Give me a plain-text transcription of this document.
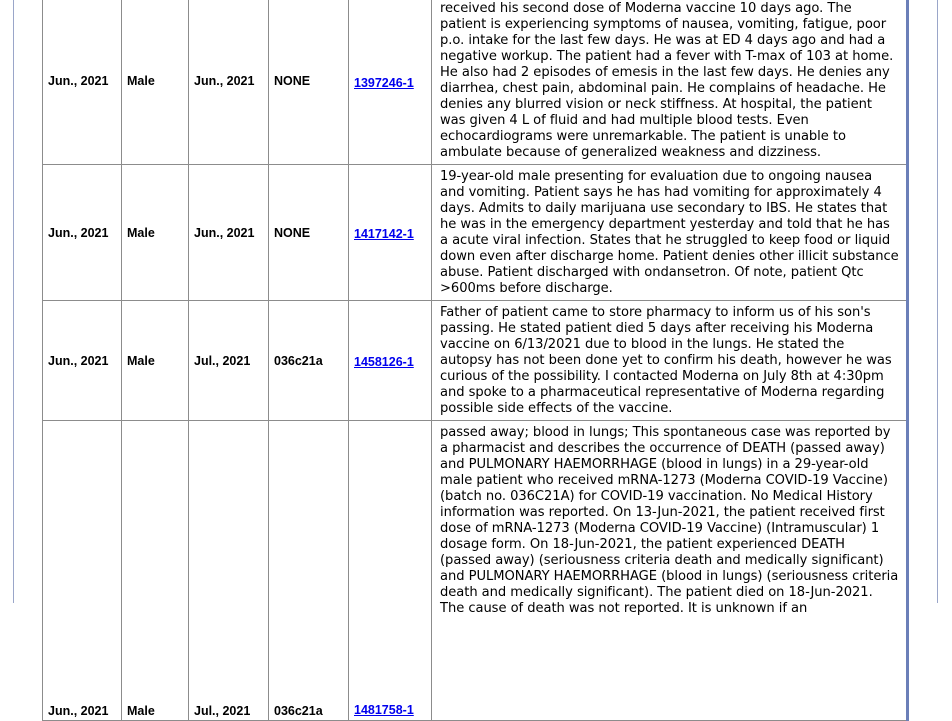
Jun., 2021	Male	Jun., 2021	NONE	1397246-1	received his second dose of Moderna vaccine 10 days ago. The patient is experiencing symptoms of nausea, vomiting, fatigue, poor p.o. intake for the last few days. He was at ED 4 days ago and had a negative workup. The patient had a fever with T-max of 103 at home. He also had 2 episodes of emesis in the last few days. He denies any diarrhea, chest pain, abdominal pain. He complains of headache. He denies any blurred vision or neck stiffness. At hospital, the patient was given 4 L of fluid and had multiple blood tests. Even echocardiograms were unremarkable. The patient is unable to ambulate because of generalized weakness and dizziness.
Jun., 2021	Male	Jun., 2021	NONE	1417142-1	19-year-old male presenting for evaluation due to ongoing nausea and vomiting. Patient says he has had vomiting for approximately 4 days. Admits to daily marijuana use secondary to IBS. He states that he was in the emergency department yesterday and told that he has a acute viral infection. States that he struggled to keep food or liquid down even after discharge home. Patient denies other illicit substance abuse. Patient discharged with ondansetron. Of note, patient Qtc >600ms before discharge.
Jun., 2021	Male	Jul., 2021	036c21a	1458126-1	Father of patient came to store pharmacy to inform us of his son's passing. He stated patient died 5 days after receiving his Moderna vaccine on 6/13/2021 due to blood in the lungs. He stated the autopsy has not been done yet to confirm his death, however he was curious of the possibility. I contacted Moderna on July 8th at 4:30pm and spoke to a pharmaceutical representative of Moderna regarding possible side effects of the vaccine.
Jun., 2021	Male	Jul., 2021	036c21a	1481758-1	passed away; blood in lungs; This spontaneous case was reported by a pharmacist and describes the occurrence of DEATH (passed away) and PULMONARY HAEMORRHAGE (blood in lungs) in a 29-year-old male patient who received mRNA-1273 (Moderna COVID-19 Vaccine) (batch no. 036C21A) for COVID-19 vaccination. No Medical History information was reported. On 13-Jun-2021, the patient received first dose of mRNA-1273 (Moderna COVID-19 Vaccine) (Intramuscular) 1 dosage form. On 18-Jun-2021, the patient experienced DEATH (passed away) (seriousness criteria death and medically significant) and PULMONARY HAEMORRHAGE (blood in lungs) (seriousness criteria death and medically significant). The patient died on 18-Jun-2021. The cause of death was not reported. It is unknown if an
